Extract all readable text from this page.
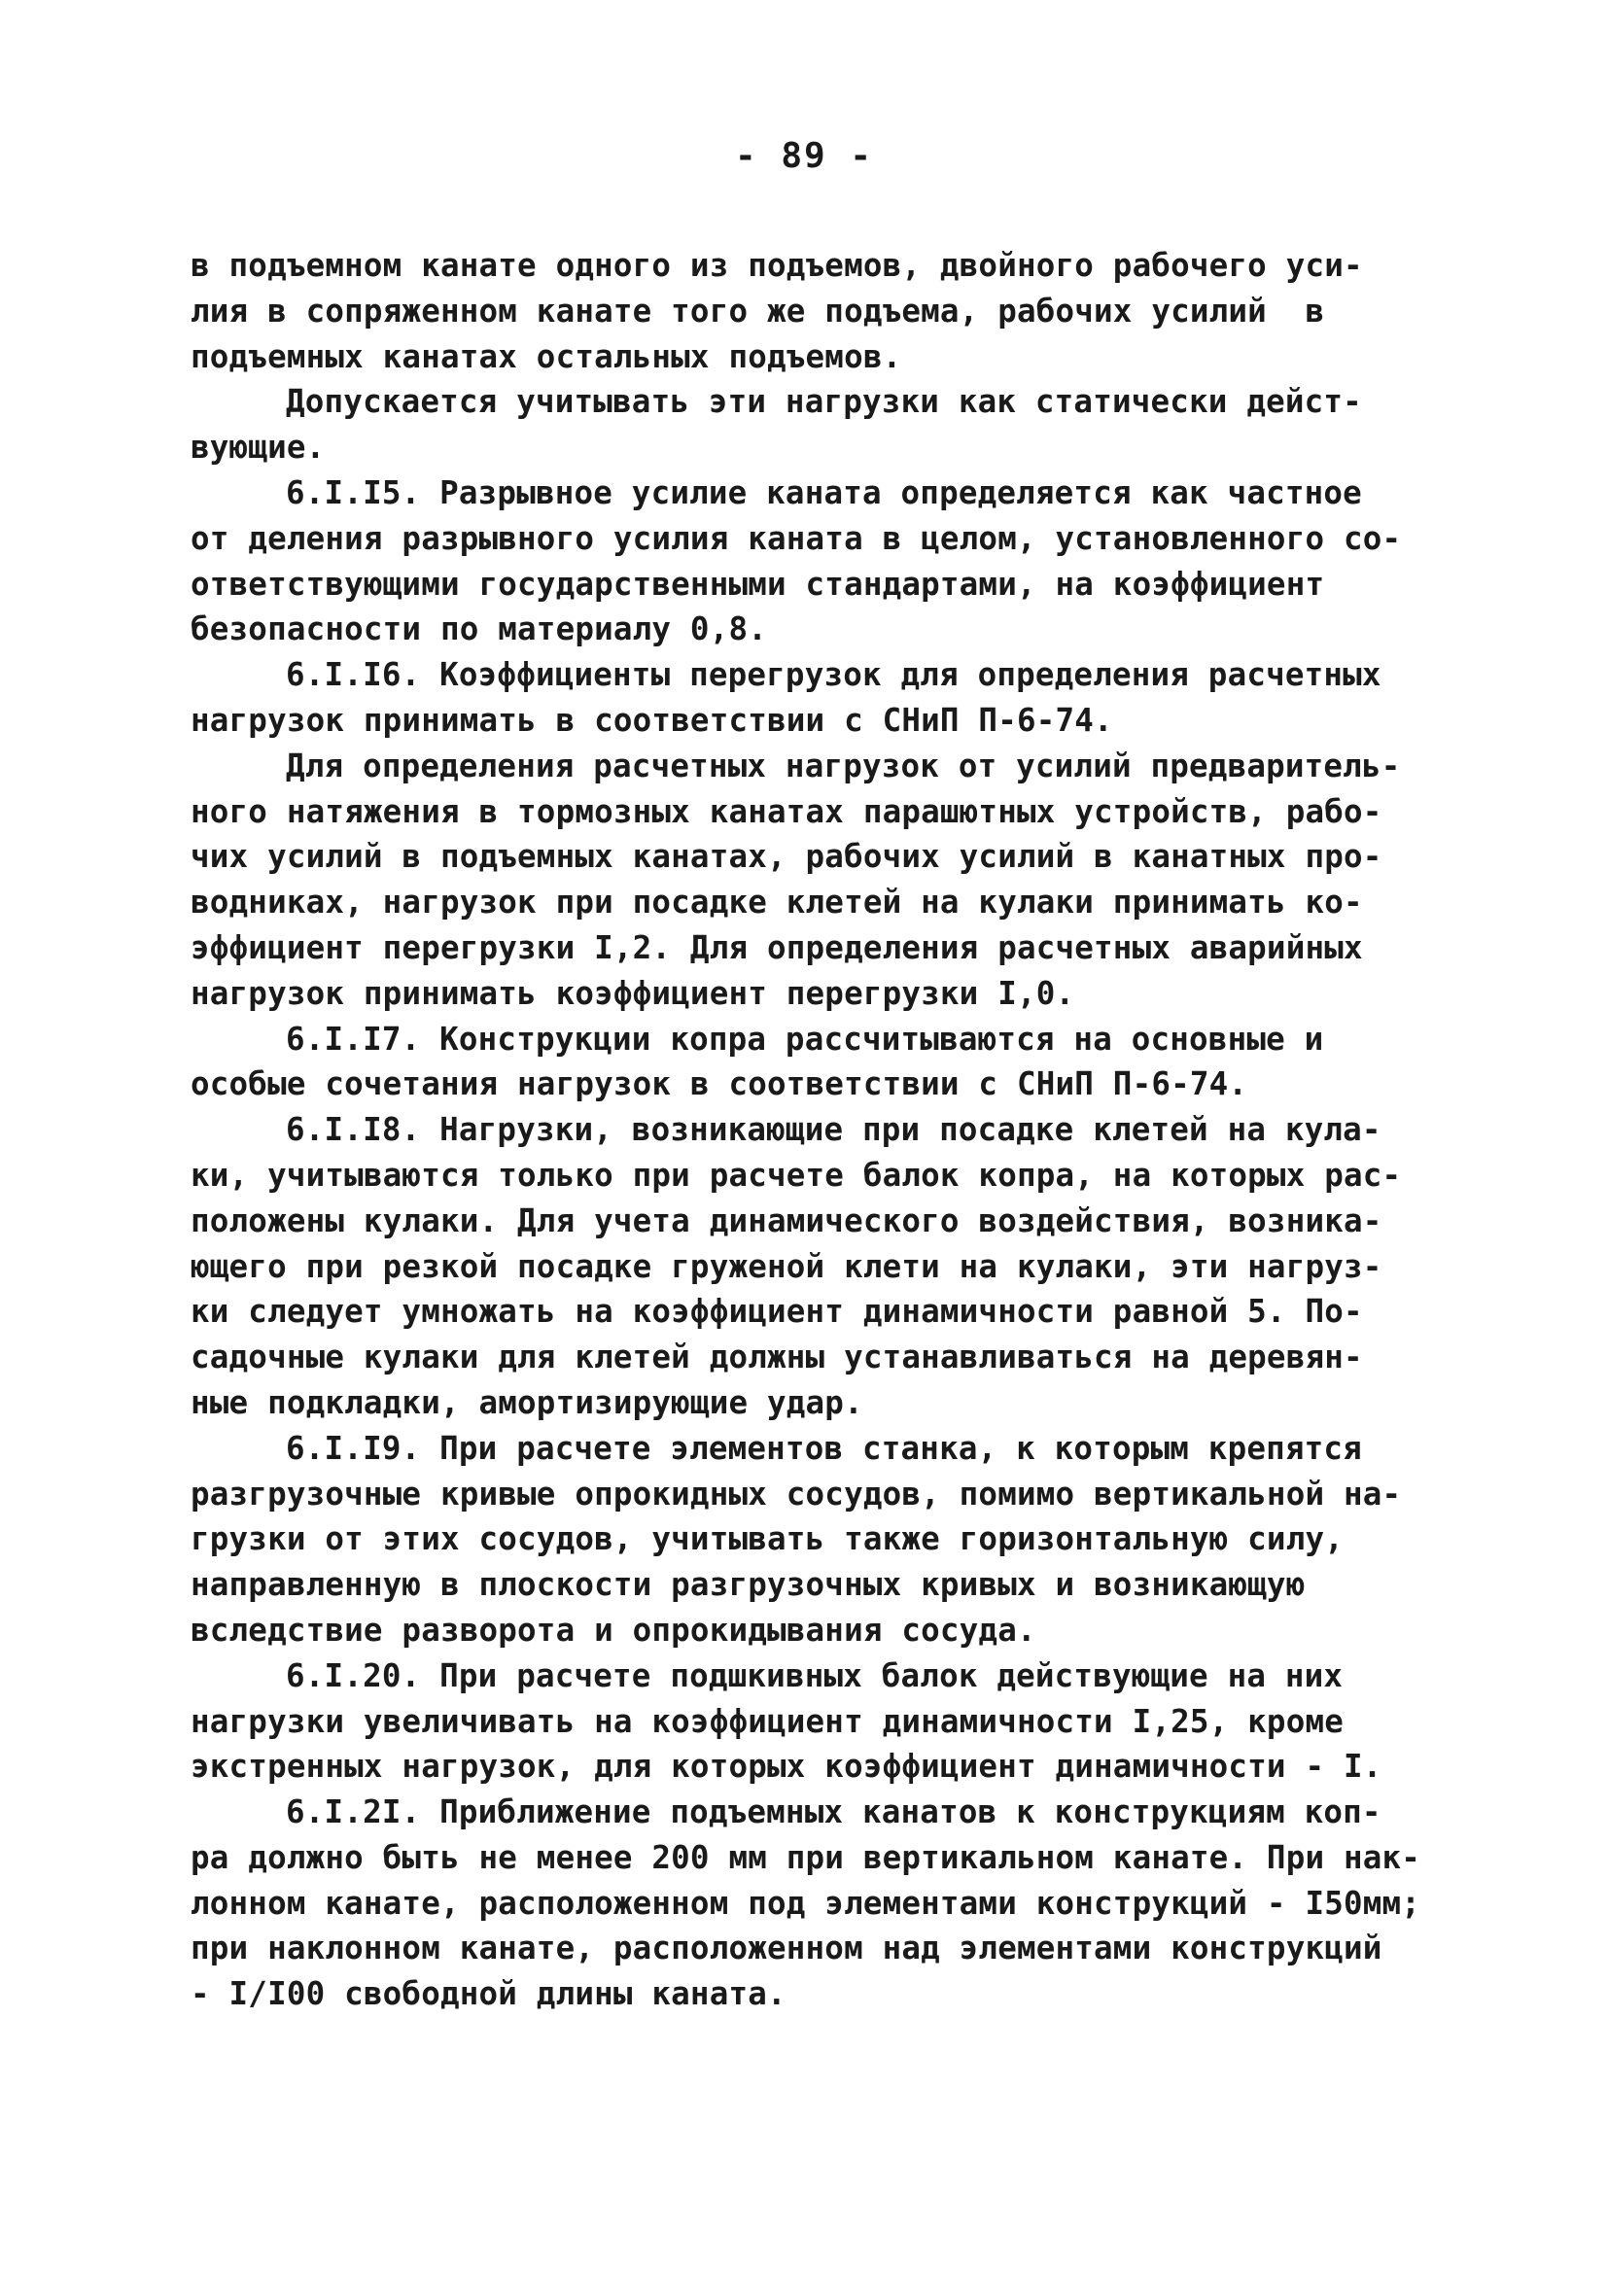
- 89 -
в подъемном канате одного из подъемов, двойного рабочего уси-
лия в сопряженном канате того же подъема, рабочих усилий  в
подъемных канатах остальных подъемов.
Допускается учитывать эти нагрузки как статически дейст-
вующие.
6.I.I5. Разрывное усилие каната определяется как частное
от деления разрывного усилия каната в целом, установленного со-
ответствующими государственными стандартами, на коэффициент
безопасности по материалу 0,8.
6.I.I6. Коэффициенты перегрузок для определения расчетных
нагрузок принимать в соответствии с СНиП П-6-74.
Для определения расчетных нагрузок от усилий предваритель-
ного натяжения в тормозных канатах парашютных устройств, рабо-
чих усилий в подъемных канатах, рабочих усилий в канатных про-
водниках, нагрузок при посадке клетей на кулаки принимать ко-
эффициент перегрузки I,2. Для определения расчетных аварийных
нагрузок принимать коэффициент перегрузки I,0.
6.I.I7. Конструкции копра рассчитываются на основные и
особые сочетания нагрузок в соответствии с СНиП П-6-74.
6.I.I8. Нагрузки, возникающие при посадке клетей на кула-
ки, учитываются только при расчете балок копра, на которых рас-
положены кулаки. Для учета динамического воздействия, возника-
ющего при резкой посадке груженой клети на кулаки, эти нагруз-
ки следует умножать на коэффициент динамичности равной 5. По-
садочные кулаки для клетей должны устанавливаться на деревян-
ные подкладки, амортизирующие удар.
6.I.I9. При расчете элементов станка, к которым крепятся
разгрузочные кривые опрокидных сосудов, помимо вертикальной на-
грузки от этих сосудов, учитывать также горизонтальную силу,
направленную в плоскости разгрузочных кривых и возникающую
вследствие разворота и опрокидывания сосуда.
6.I.20. При расчете подшкивных балок действующие на них
нагрузки увеличивать на коэффициент динамичности I,25, кроме
экстренных нагрузок, для которых коэффициент динамичности - I.
6.I.2I. Приближение подъемных канатов к конструкциям коп-
ра должно быть не менее 200 мм при вертикальном канате. При нак-
лонном канате, расположенном под элементами конструкций - I50мм;
при наклонном канате, расположенном над элементами конструкций
- I/I00 свободной длины каната.
